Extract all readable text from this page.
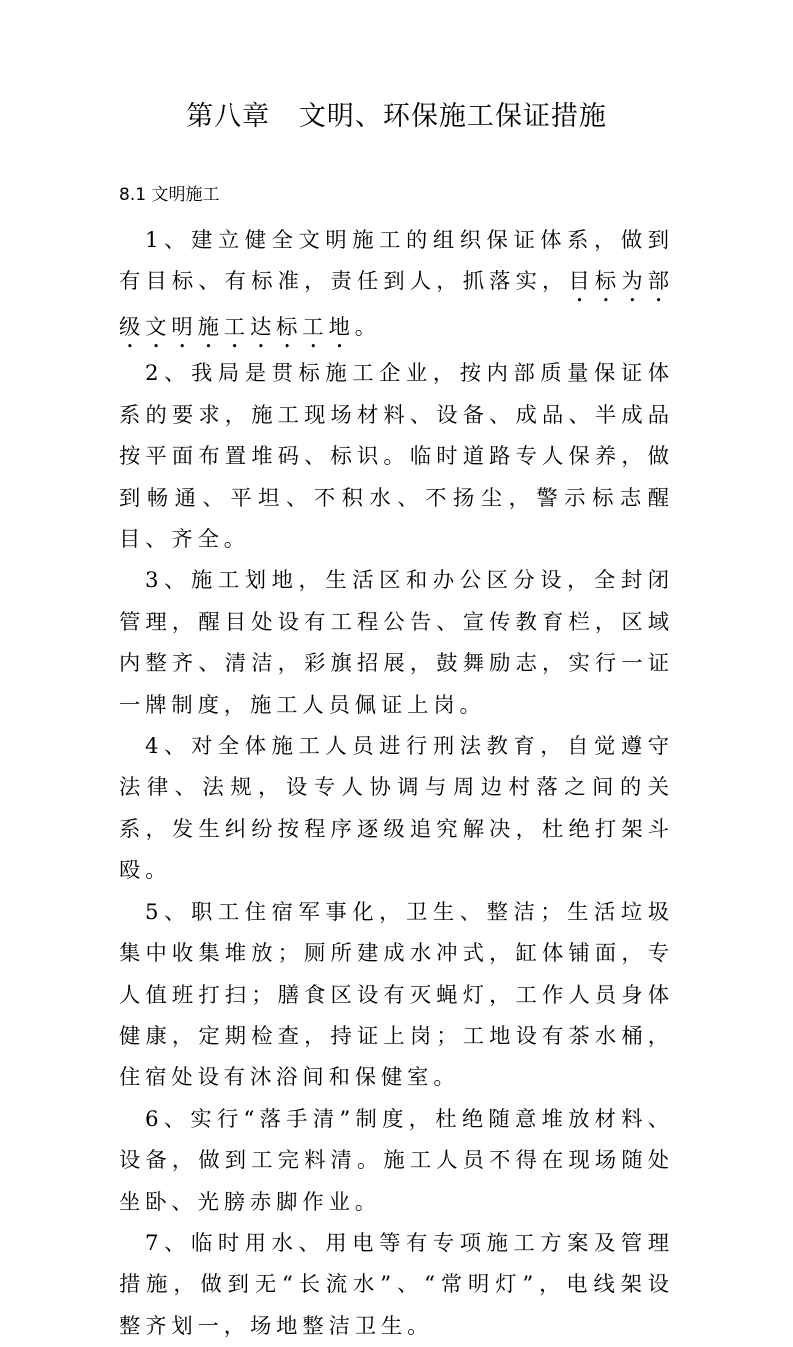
第八章   文明、环保施工保证措施
8.1 文明施工

1、建立健全文明施工的组织保证体系，做到有目标、有标准，责任到人，抓落实，目标为部级文明施工达标工地。

2、我局是贯标施工企业，按内部质量保证体系的要求，施工现场材料、设备、成品、半成品按平面布置堆码、标识。临时道路专人保养，做到畅通、平坦、不积水、不扬尘，警示标志醒目、齐全。

3、施工划地，生活区和办公区分设，全封闭管理，醒目处设有工程公告、宣传教育栏，区域内整齐、清洁，彩旗招展，鼓舞励志，实行一证一牌制度，施工人员佩证上岗。

4、对全体施工人员进行刑法教育，自觉遵守法律、法规，设专人协调与周边村落之间的关系，发生纠纷按程序逐级追究解决，杜绝打架斗殴。

5、职工住宿军事化，卫生、整洁；生活垃圾集中收集堆放；厕所建成水冲式，缸体铺面，专人值班打扫；膳食区设有灭蝇灯，工作人员身体健康，定期检查，持证上岗；工地设有茶水桶，住宿处设有沐浴间和保健室。

6、实行“落手清”制度，杜绝随意堆放材料、设备，做到工完料清。施工人员不得在现场随处坐卧、光膀赤脚作业。

7、临时用水、用电等有专项施工方案及管理措施，做到无“长流水”、“常明灯”，电线架设整齐划一，场地整洁卫生。
